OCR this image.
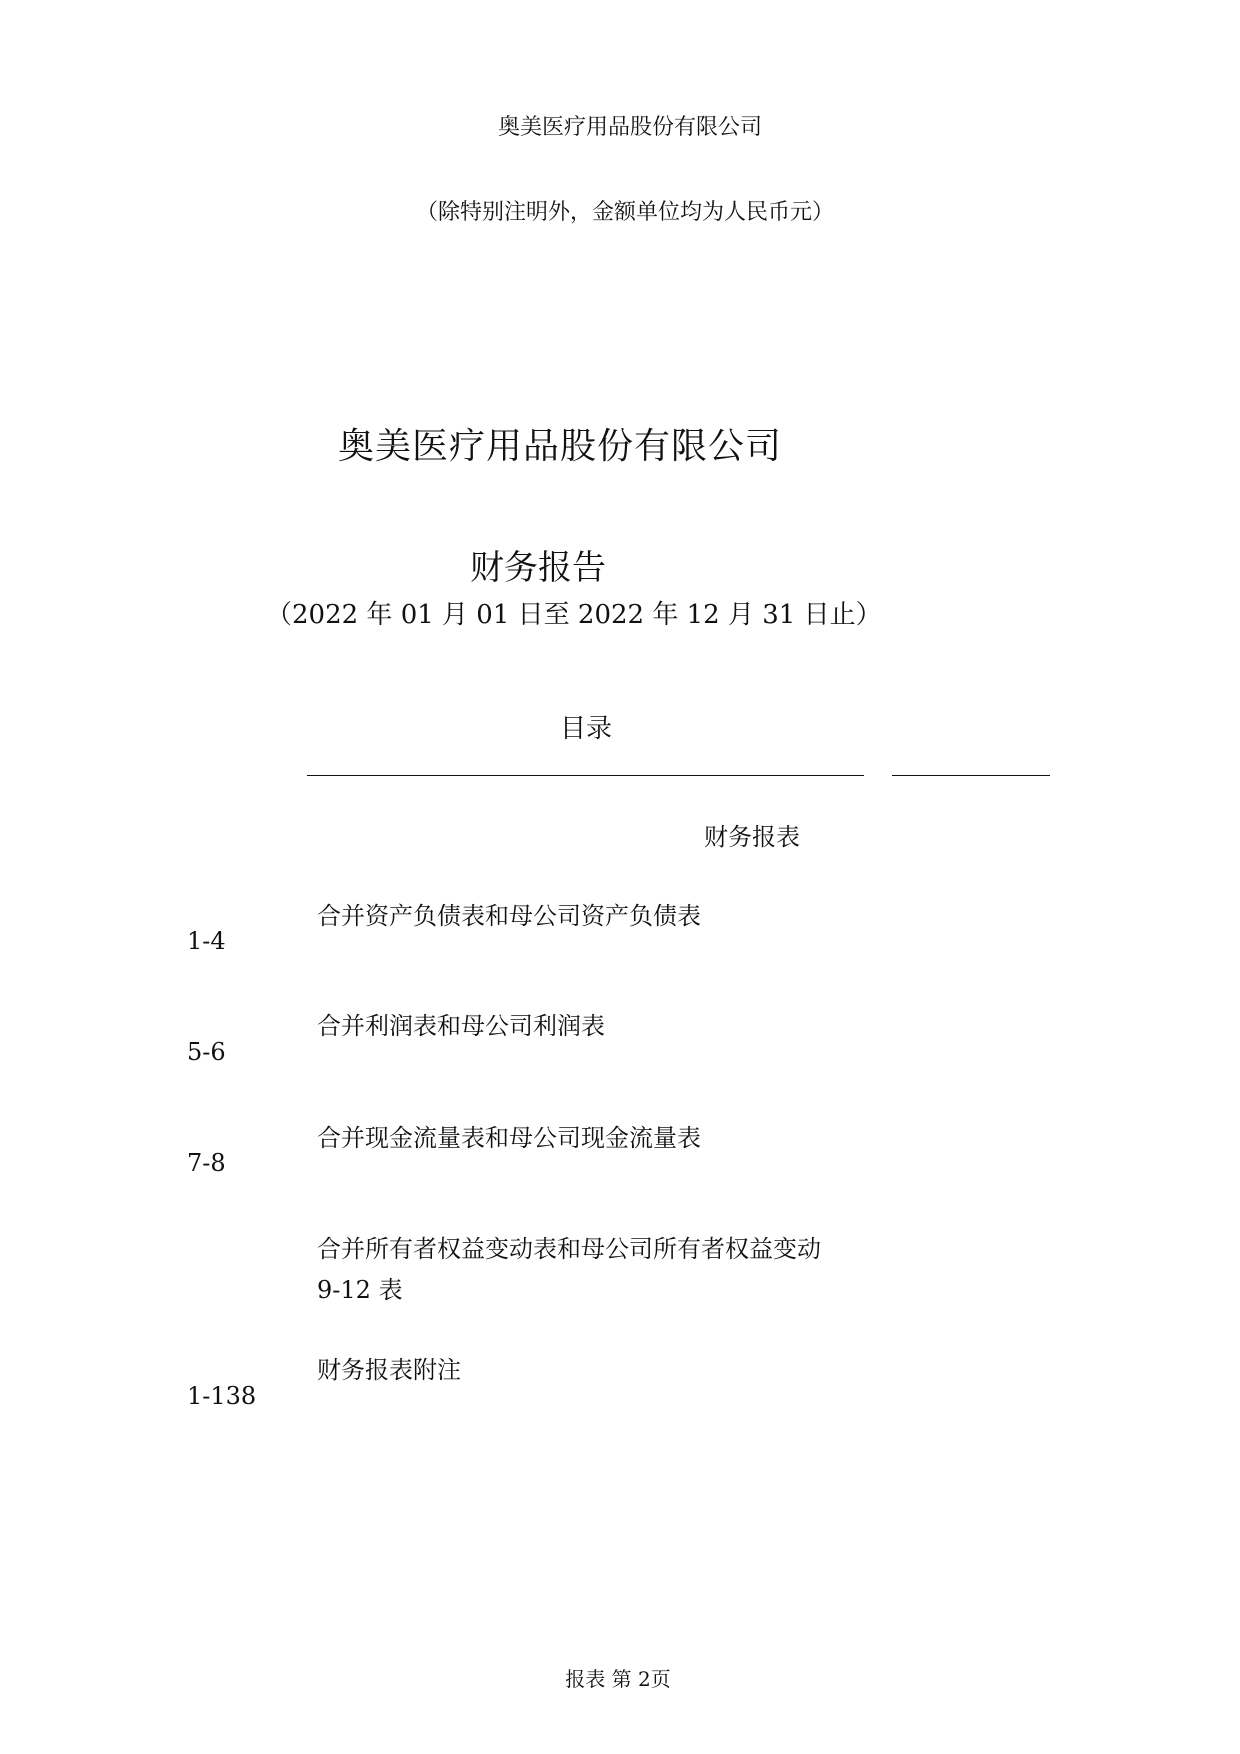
奥美医疗用品股份有限公司
（除特别注明外，金额单位均为人民币元）
奥美医疗用品股份有限公司
财务报告
（2022 年 01 月 01 日至 2022 年 12 月 31 日止）
目录
财务报表
合并资产负债表和母公司资产负债表
1-4
合并利润表和母公司利润表
5-6
合并现金流量表和母公司现金流量表
7-8
合并所有者权益变动表和母公司所有者权益变动
9-12 表
财务报表附注
1-138
报表 第 2页
